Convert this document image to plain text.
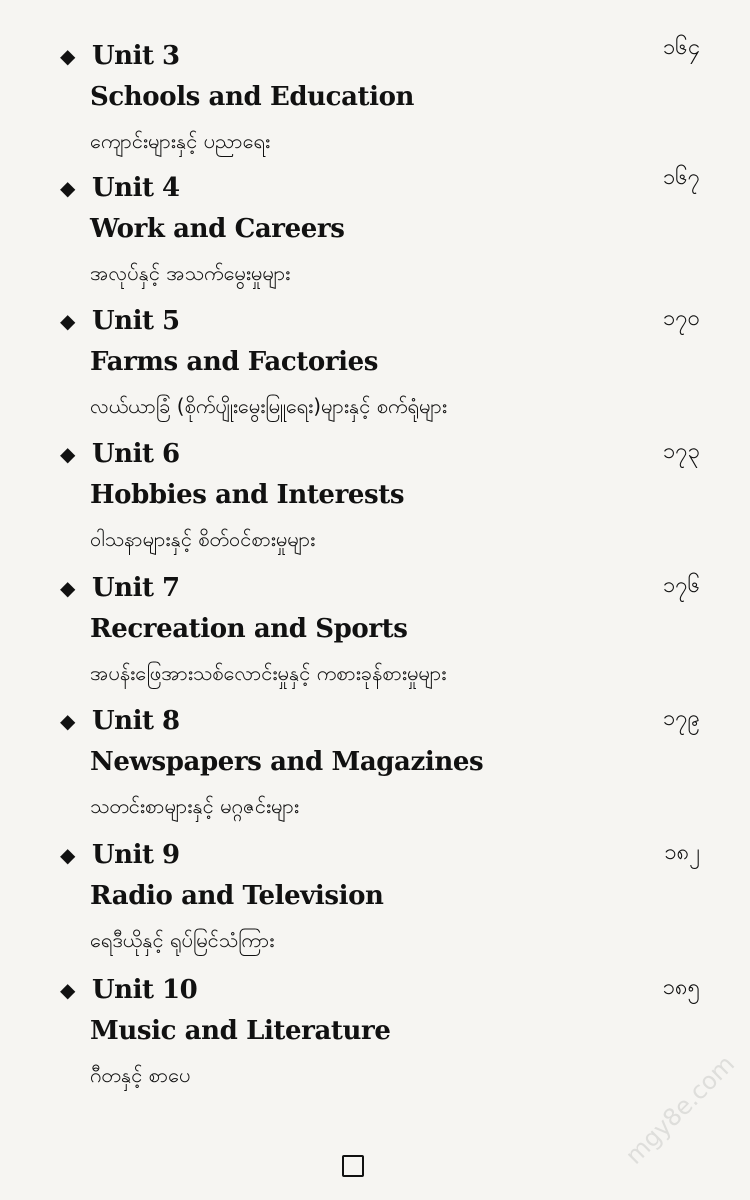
◆ Unit 3
Schools and Education
ကျောင်းများနှင့် ပညာရေး
၁၆၄
◆ Unit 4
Work and Careers
အလုပ်နှင့် အသက်မွေးမှုများ
၁၆၇
◆ Unit 5
Farms and Factories
လယ်ယာခြံ (စိုက်ပျိုးမွေးမြူရေး)များနှင့် စက်ရုံများ
၁၇၀
◆ Unit 6
Hobbies and Interests
ဝါသနာများနှင့် စိတ်ဝင်စားမှုများ
၁၇၃
◆ Unit 7
Recreation and Sports
အပန်းဖြေအားသစ်လောင်းမှုနှင့် ကစားခုန်စားမှုများ
၁၇၆
◆ Unit 8
Newspapers and Magazines
သတင်းစာများနှင့် မဂ္ဂဇင်းများ
၁၇၉
◆ Unit 9
Radio and Television
ရေဒီယိုနှင့် ရုပ်မြင်သံကြား
၁၈၂
◆ Unit 10
Music and Literature
ဂီတနှင့် စာပေ
၁၈၅
mgy8e.com
